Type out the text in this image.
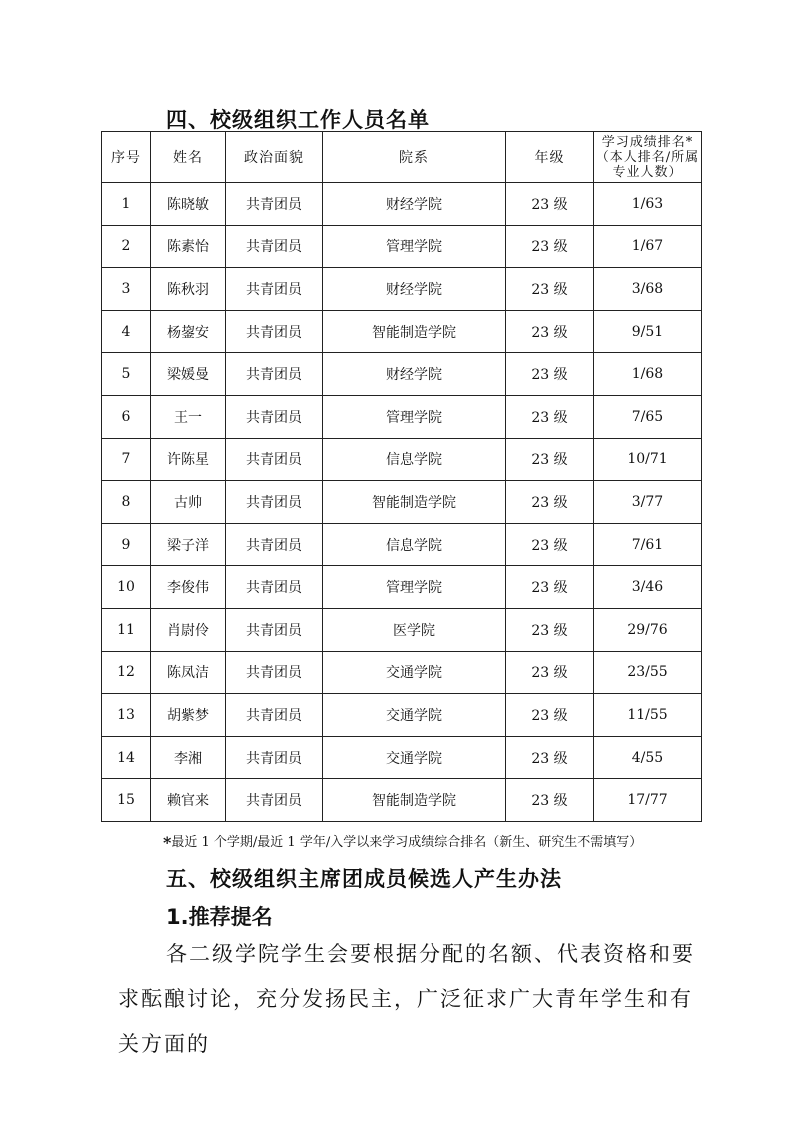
四、校级组织工作人员名单
序号	姓名	政治面貌	院系	年级	学习成绩排名*
（本人排名/所属
专业人数）

1	陈晓敏	共青团员	财经学院	23 级	1/63
2	陈素怡	共青团员	管理学院	23 级	1/67
3	陈秋羽	共青团员	财经学院	23 级	3/68
4	杨鋆安	共青团员	智能制造学院	23 级	9/51
5	梁媛曼	共青团员	财经学院	23 级	1/68
6	王一	共青团员	管理学院	23 级	7/65
7	许陈星	共青团员	信息学院	23 级	10/71
8	古帅	共青团员	智能制造学院	23 级	3/77
9	梁子洋	共青团员	信息学院	23 级	7/61
10	李俊伟	共青团员	管理学院	23 级	3/46
11	肖尉伶	共青团员	医学院	23 级	29/76
12	陈凤洁	共青团员	交通学院	23 级	23/55
13	胡紫梦	共青团员	交通学院	23 级	11/55
14	李湘	共青团员	交通学院	23 级	4/55
15	赖官来	共青团员	智能制造学院	23 级	17/77

*最近 1 个学期/最近 1 学年/入学以来学习成绩综合排名（新生、研究生不需填写）

五、校级组织主席团成员候选人产生办法
1.推荐提名

各二级学院学生会要根据分配的名额、代表资格和要求酝酿讨论，充分发扬民主，广泛征求广大青年学生和有关方面的
